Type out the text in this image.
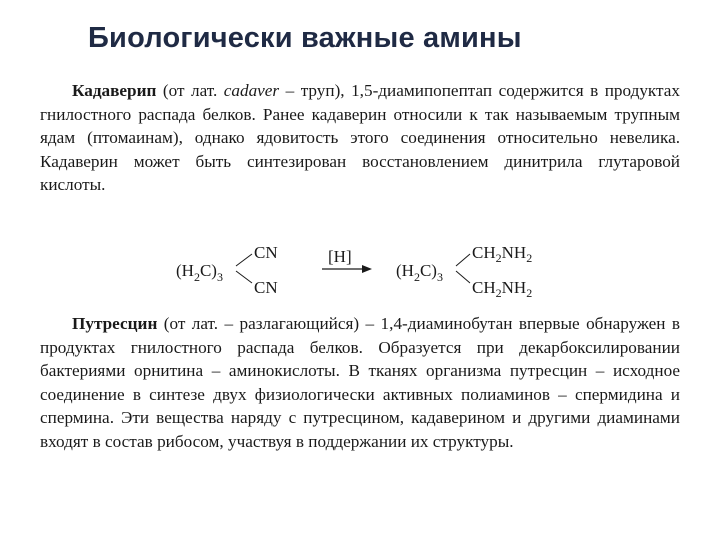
Биологически важные амины
Кадаверип (от лат. cadaver – труп), 1,5-диамипопептап содержится в продуктах гнилостного распада белков. Ранее кадаверин относили к так называемым трупным ядам (птомаинам), однако ядовитость этого соединения относительно невелика. Кадаверин может быть синтезирован восстановлением динитрила глутаровой кислоты.
$(H_2C)_3$
CN
CN
[H]
$(H_2C)_3$
$CH_2NH_2$
$CH_2NH_2$
Путресцин (от лат. – разлагающийся) – 1,4-диаминобутан впервые обнаружен в продуктах гнилостного распада белков. Образуется при декарбоксилировании бактериями орнитина – аминокислоты. В тканях организма путресцин – исходное соединение в синтезе двух физиологически активных полиаминов – спермидина и спермина. Эти вещества наряду с путресцином, кадаверином и другими диаминами входят в состав рибосом, участвуя в поддержании их структуры.
